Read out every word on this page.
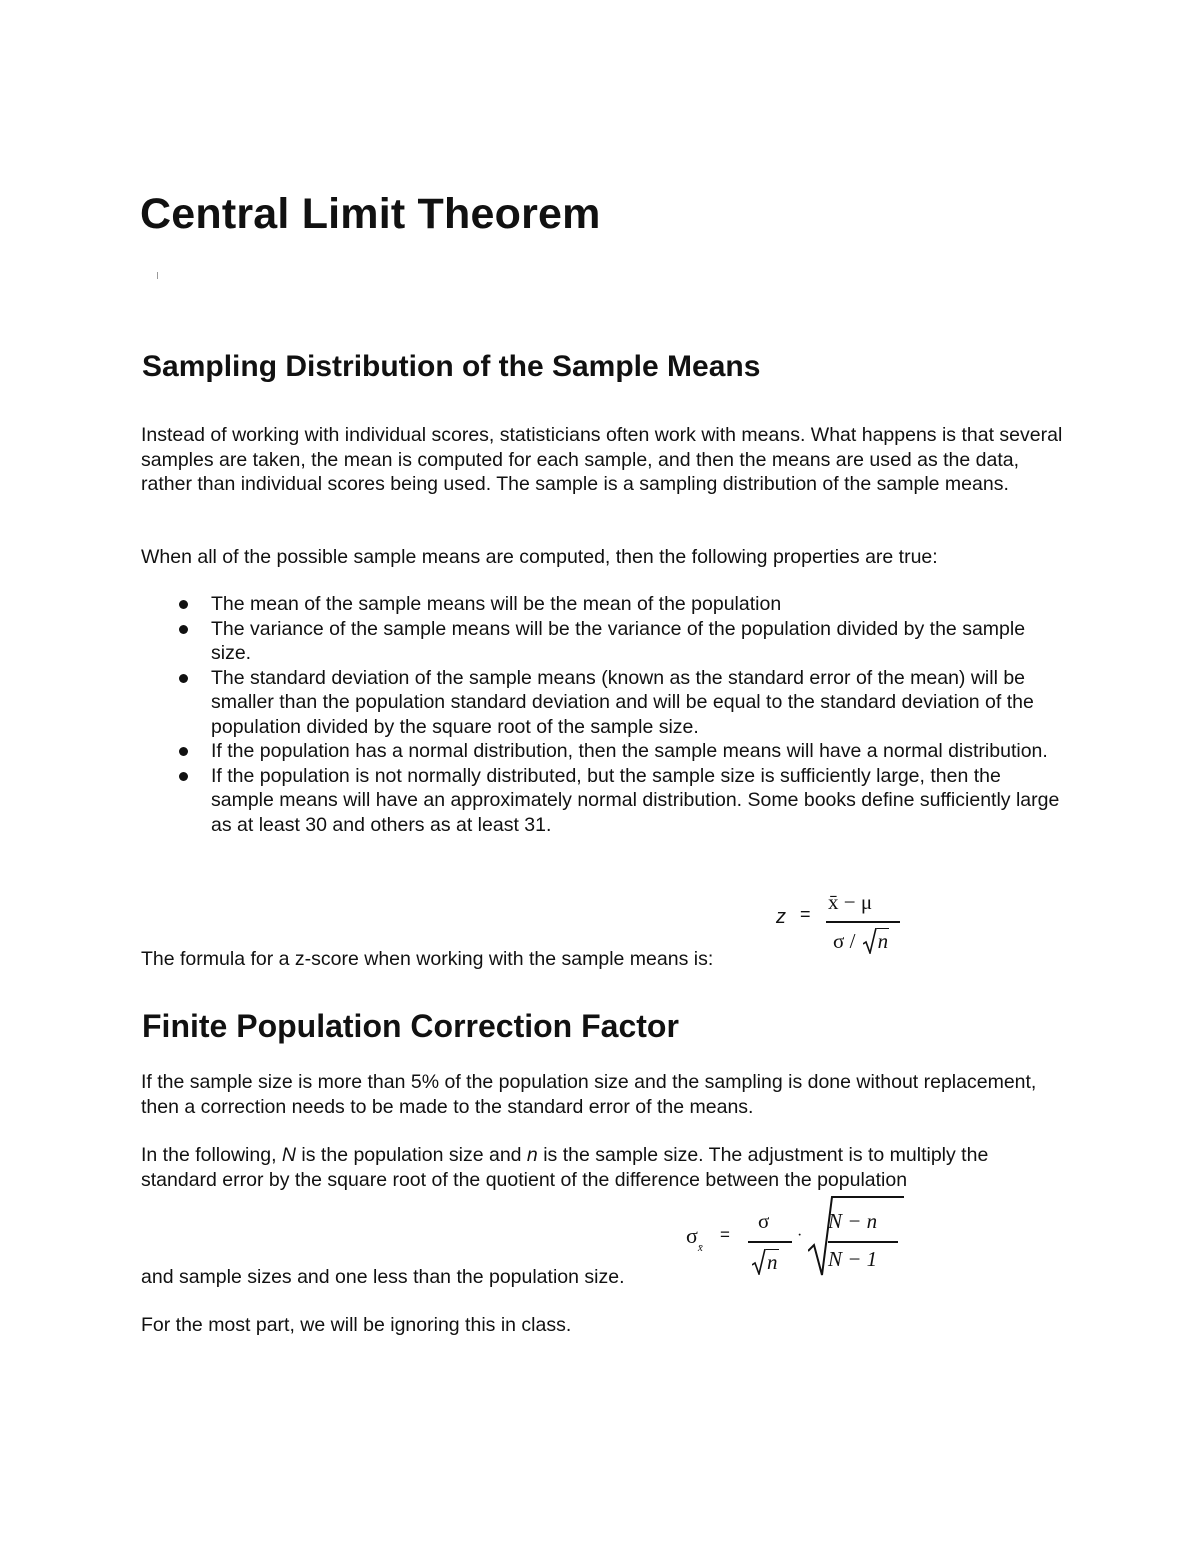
Central Limit Theorem
Sampling Distribution of the Sample Means

Instead of working with individual scores, statisticians often work with means. What happens is that several samples are taken, the mean is computed for each sample, and then the means are used as the data, rather than individual scores being used. The sample is a sampling distribution of the sample means.

When all of the possible sample means are computed, then the following properties are true:

The mean of the sample means will be the mean of the population
The variance of the sample means will be the variance of the population divided by the sample size.
The standard deviation of the sample means (known as the standard error of the mean) will be smaller than the population standard deviation and will be equal to the standard deviation of the population divided by the square root of the sample size.
If the population has a normal distribution, then the sample means will have a normal distribution.
If the population is not normally distributed, but the sample size is sufficiently large, then the sample means will have an approximately normal distribution. Some books define sufficiently large as at least 30 and others as at least 31.
z = x̄ − μ
σ / n

The formula for a z-score when working with the sample means is:

Finite Population Correction Factor

If the sample size is more than 5% of the population size and the sampling is done without replacement, then a correction needs to be made to the standard error of the means.

In the following, N is the population size and n is the sample size. The adjustment is to multiply the standard error by the square root of the quotient of the difference between the population

$\sigma_{x̄}$
=
σ
n
·
N − n
N − 1

and sample sizes and one less than the population size.

For the most part, we will be ignoring this in class.
